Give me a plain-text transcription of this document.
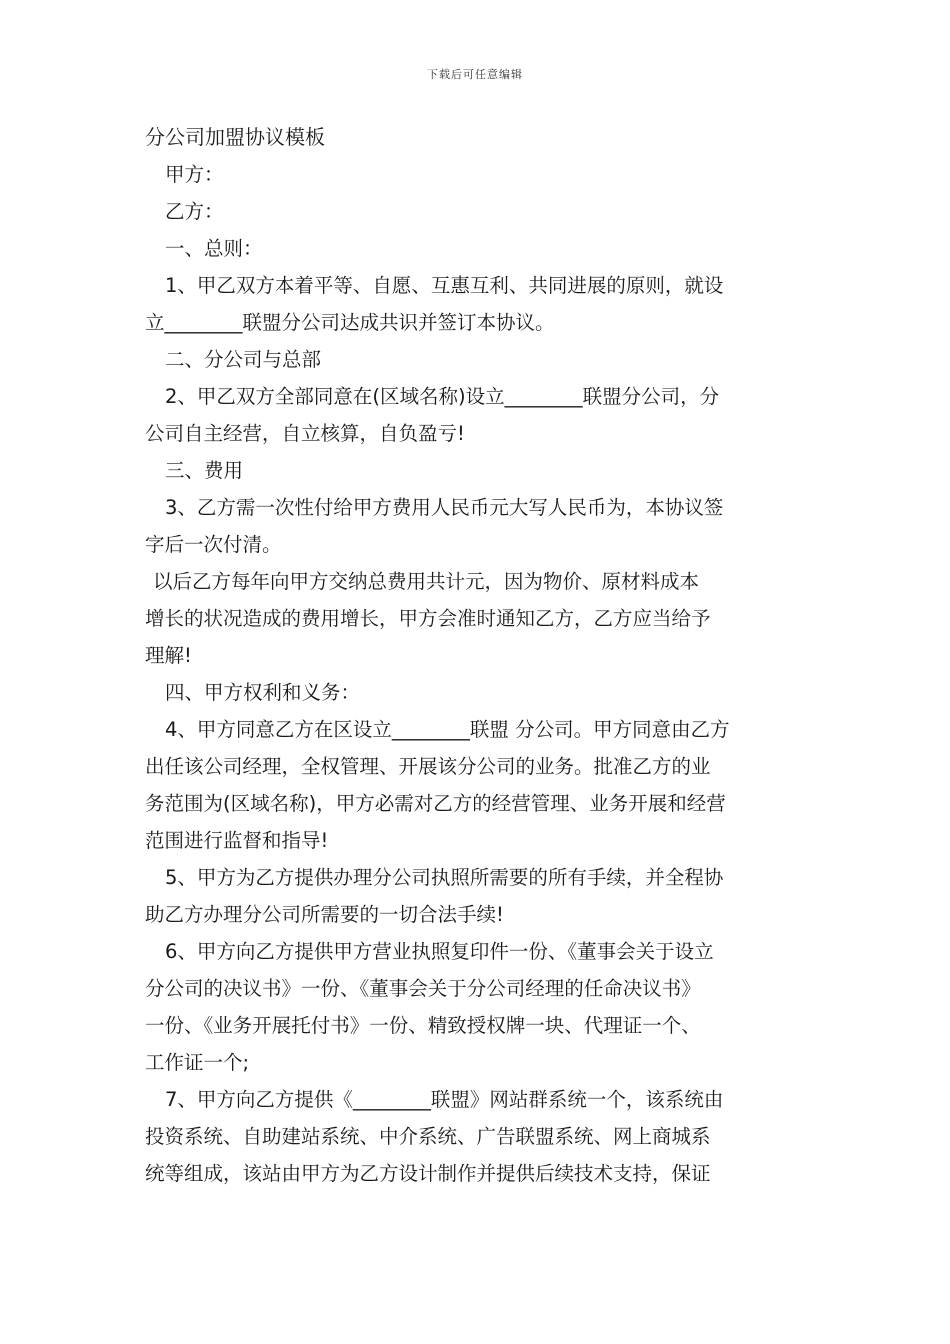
下载后可任意编辑
分公司加盟协议模板
甲方：
乙方：
一、总则：
1、甲乙双方本着平等、自愿、互惠互利、共同进展的原则，就设
立________联盟分公司达成共识并签订本协议。
二、分公司与总部
2、甲乙双方全部同意在(区域名称)设立________联盟分公司，分
公司自主经营，自立核算，自负盈亏!
三、费用
3、乙方需一次性付给甲方费用人民币元大写人民币为，本协议签
字后一次付清。
以后乙方每年向甲方交纳总费用共计元，因为物价、原材料成本
增长的状况造成的费用增长，甲方会准时通知乙方，乙方应当给予
理解!
四、甲方权利和义务：
4、甲方同意乙方在区设立________联盟 分公司。甲方同意由乙方
出任该公司经理，全权管理、开展该分公司的业务。批准乙方的业
务范围为(区域名称)，甲方必需对乙方的经营管理、业务开展和经营
范围进行监督和指导!
5、甲方为乙方提供办理分公司执照所需要的所有手续，并全程协
助乙方办理分公司所需要的一切合法手续!
6、甲方向乙方提供甲方营业执照复印件一份、《董事会关于设立
分公司的决议书》一份、《董事会关于分公司经理的任命决议书》
一份、《业务开展托付书》一份、精致授权牌一块、代理证一个、
工作证一个;
7、甲方向乙方提供《________联盟》网站群系统一个，该系统由
投资系统、自助建站系统、中介系统、广告联盟系统、网上商城系
统等组成，该站由甲方为乙方设计制作并提供后续技术支持，保证
